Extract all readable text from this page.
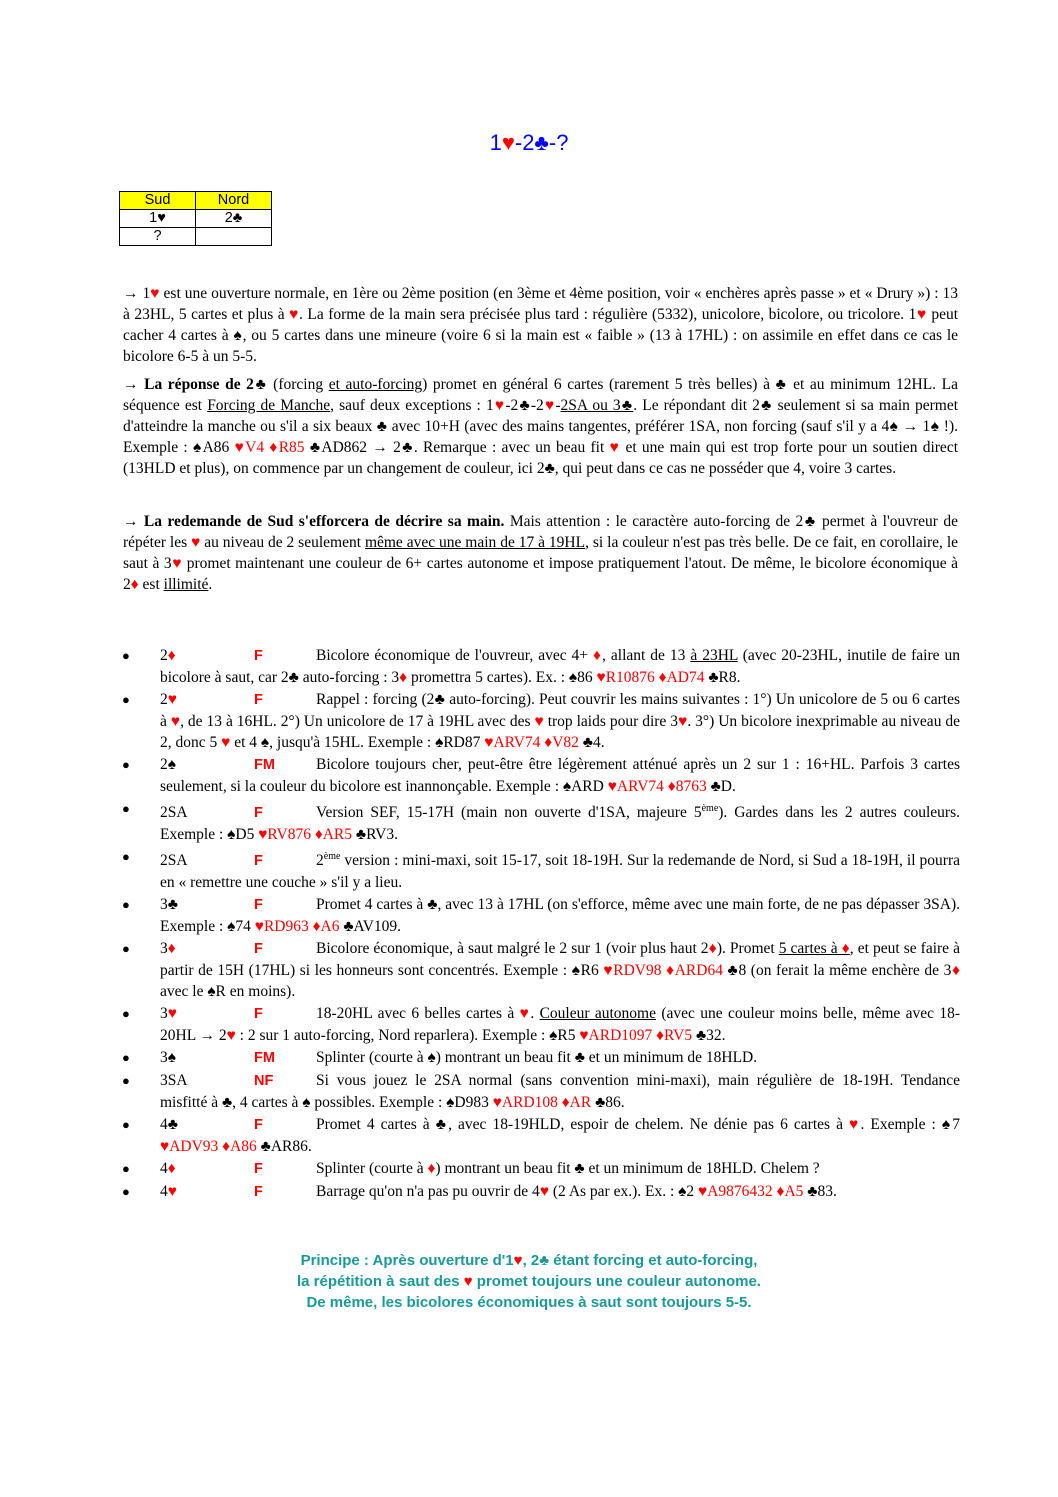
1♥-2♣-?
Sud	Nord
1♥	2♣
?	
→ 1♥ est une ouverture normale, en 1ère ou 2ème position (en 3ème et 4ème position, voir « enchères après passe » et « Drury ») : 13 à 23HL, 5 cartes et plus à ♥. La forme de la main sera précisée plus tard : régulière (5332), unicolore, bicolore, ou tricolore. 1♥ peut cacher 4 cartes à ♠, ou 5 cartes dans une mineure (voire 6 si la main est « faible » (13 à 17HL) : on assimile en effet dans ce cas le bicolore 6-5 à un 5-5.
→ La réponse de 2♣ (forcing et auto-forcing) promet en général 6 cartes (rarement 5 très belles) à ♣ et au minimum 12HL. La séquence est Forcing de Manche, sauf deux exceptions : 1♥-2♣-2♥-2SA ou 3♣. Le répondant dit 2♣ seulement si sa main permet d'atteindre la manche ou s'il a six beaux ♣ avec 10+H (avec des mains tangentes, préférer 1SA, non forcing (sauf s'il y a 4♠ → 1♠ !). Exemple : ♠A86 ♥V4 ♦R85 ♣AD862 → 2♣. Remarque : avec un beau fit ♥ et une main qui est trop forte pour un soutien direct (13HLD et plus), on commence par un changement de couleur, ici 2♣, qui peut dans ce cas ne posséder que 4, voire 3 cartes.
→ La redemande de Sud s'efforcera de décrire sa main. Mais attention : le caractère auto-forcing de 2♣ permet à l'ouvreur de répéter les ♥ au niveau de 2 seulement même avec une main de 17 à 19HL, si la couleur n'est pas très belle. De ce fait, en corollaire, le saut à 3♥ promet maintenant une couleur de 6+ cartes autonome et impose pratiquement l'atout. De même, le bicolore économique à 2♦ est illimité.
●	2♦	F	Bicolore économique de l'ouvreur, avec 4+ ♦, allant de 13 à 23HL (avec 20-23HL, inutile de faire un bicolore à saut, car 2♣ auto-forcing : 3♦ promettra 5 cartes). Ex. : ♠86 ♥R10876 ♦AD74 ♣R8.
●	2♥	F	Rappel : forcing (2♣ auto-forcing). Peut couvrir les mains suivantes : 1°) Un unicolore de 5 ou 6 cartes à ♥, de 13 à 16HL. 2°) Un unicolore de 17 à 19HL avec des ♥ trop laids pour dire 3♥. 3°) Un bicolore inexprimable au niveau de 2, donc 5 ♥ et 4 ♠, jusqu'à 15HL. Exemple : ♠RD87 ♥ARV74 ♦V82 ♣4.
●	2♠	FM	Bicolore toujours cher, peut-être être légèrement atténué après un 2 sur 1 : 16+HL. Parfois 3 cartes seulement, si la couleur du bicolore est inannonçable. Exemple : ♠ARD ♥ARV74 ♦8763 ♣D.
●	2SA	F	Version SEF, 15-17H (main non ouverte d'1SA, majeure 5ème). Gardes dans les 2 autres couleurs. Exemple : ♠D5 ♥RV876 ♦AR5 ♣RV3.
●	2SA	F	2ème version : mini-maxi, soit 15-17, soit 18-19H. Sur la redemande de Nord, si Sud a 18-19H, il pourra en « remettre une couche » s'il y a lieu.
●	3♣	F	Promet 4 cartes à ♣, avec 13 à 17HL (on s'efforce, même avec une main forte, de ne pas dépasser 3SA). Exemple : ♠74 ♥RD963 ♦A6 ♣AV109.
●	3♦	F	Bicolore économique, à saut malgré le 2 sur 1 (voir plus haut 2♦). Promet 5 cartes à ♦, et peut se faire à partir de 15H (17HL) si les honneurs sont concentrés. Exemple : ♠R6 ♥RDV98 ♦ARD64 ♣8 (on ferait la même enchère de 3♦ avec le ♠R en moins).
●	3♥	F	18-20HL avec 6 belles cartes à ♥. Couleur autonome (avec une couleur moins belle, même avec 18-20HL → 2♥ : 2 sur 1 auto-forcing, Nord reparlera). Exemple : ♠R5 ♥ARD1097 ♦RV5 ♣32.
●	3♠	FM	Splinter (courte à ♠) montrant un beau fit ♣ et un minimum de 18HLD.
●	3SA	NF	Si vous jouez le 2SA normal (sans convention mini-maxi), main régulière de 18-19H. Tendance misfitté à ♣, 4 cartes à ♠ possibles. Exemple : ♠D983 ♥ARD108 ♦AR ♣86.
●	4♣	F	Promet 4 cartes à ♣, avec 18-19HLD, espoir de chelem. Ne dénie pas 6 cartes à ♥. Exemple : ♠7 ♥ADV93 ♦A86 ♣AR86.
●	4♦	F	Splinter (courte à ♦) montrant un beau fit ♣ et un minimum de 18HLD. Chelem ?
●	4♥	F	Barrage qu'on n'a pas pu ouvrir de 4♥ (2 As par ex.). Ex. : ♠2 ♥A9876432 ♦A5 ♣83.
Principe : Après ouverture d'1♥, 2♣ étant forcing et auto-forcing,
la répétition à saut des ♥ promet toujours une couleur autonome.
De même, les bicolores économiques à saut sont toujours 5-5.
